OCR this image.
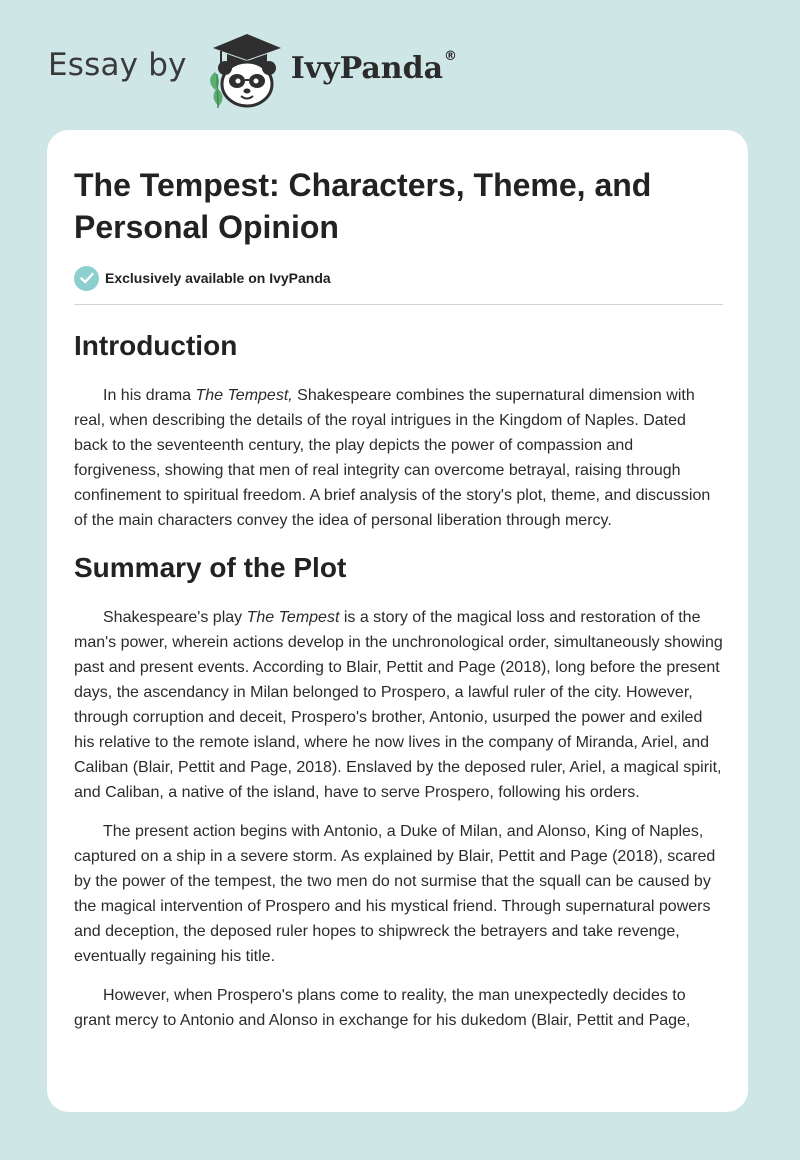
Essay by	IvyPanda®
The Tempest: Characters, Theme, and Personal Opinion
Exclusively available on IvyPanda
Introduction

In his drama The Tempest, Shakespeare combines the supernatural dimension with real, when describing the details of the royal intrigues in the Kingdom of Naples. Dated back to the seventeenth century, the play depicts the power of compassion and forgiveness, showing that men of real integrity can overcome betrayal, raising through confinement to spiritual freedom. A brief analysis of the story's plot, theme, and discussion of the main characters convey the idea of personal liberation through mercy.

Summary of the Plot

Shakespeare's play The Tempest is a story of the magical loss and restoration of the man's power, wherein actions develop in the unchronological order, simultaneously showing past and present events. According to Blair, Pettit and Page (2018), long before the present days, the ascendancy in Milan belonged to Prospero, a lawful ruler of the city. However, through corruption and deceit, Prospero's brother, Antonio, usurped the power and exiled his relative to the remote island, where he now lives in the company of Miranda, Ariel, and Caliban (Blair, Pettit and Page, 2018). Enslaved by the deposed ruler, Ariel, a magical spirit, and Caliban, a native of the island, have to serve Prospero, following his orders.

The present action begins with Antonio, a Duke of Milan, and Alonso, King of Naples, captured on a ship in a severe storm. As explained by Blair, Pettit and Page (2018), scared by the power of the tempest, the two men do not surmise that the squall can be caused by the magical intervention of Prospero and his mystical friend. Through supernatural powers and deception, the deposed ruler hopes to shipwreck the betrayers and take revenge, eventually regaining his title.

However, when Prospero's plans come to reality, the man unexpectedly decides to grant mercy to Antonio and Alonso in exchange for his dukedom (Blair, Pettit and Page,
